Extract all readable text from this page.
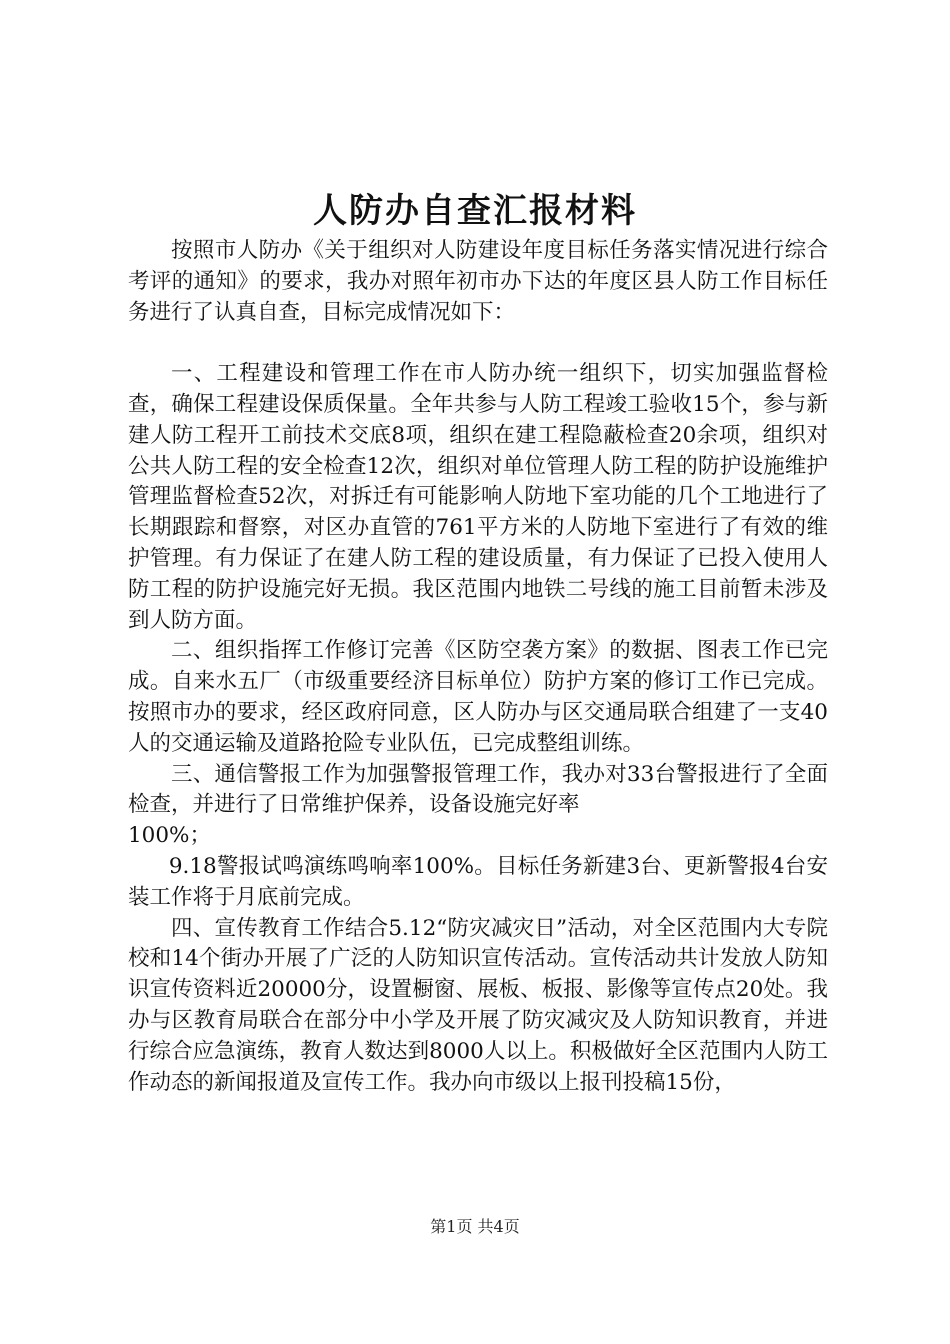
人防办自查汇报材料

按照市人防办《关于组织对人防建设年度目标任务落实情况进行综合考评的通知》的要求，我办对照年初市办下达的年度区县人防工作目标任务进行了认真自查，目标完成情况如下：

一、工程建设和管理工作在市人防办统一组织下，切实加强监督检查，确保工程建设保质保量。全年共参与人防工程竣工验收15个，参与新建人防工程开工前技术交底8项，组织在建工程隐蔽检查20余项，组织对公共人防工程的安全检查12次，组织对单位管理人防工程的防护设施维护管理监督检查52次，对拆迁有可能影响人防地下室功能的几个工地进行了长期跟踪和督察，对区办直管的761平方米的人防地下室进行了有效的维护管理。有力保证了在建人防工程的建设质量，有力保证了已投入使用人防工程的防护设施完好无损。我区范围内地铁二号线的施工目前暂未涉及到人防方面。

二、组织指挥工作修订完善《区防空袭方案》的数据、图表工作已完成。自来水五厂（市级重要经济目标单位）防护方案的修订工作已完成。按照市办的要求，经区政府同意，区人防办与区交通局联合组建了一支40人的交通运输及道路抢险专业队伍，已完成整组训练。

三、通信警报工作为加强警报管理工作，我办对33台警报进行了全面检查，并进行了日常维护保养，设备设施完好率

100%；

9.18警报试鸣演练鸣响率100%。目标任务新建3台、更新警报4台安装工作将于月底前完成。

四、宣传教育工作结合5.12“防灾减灾日”活动，对全区范围内大专院校和14个街办开展了广泛的人防知识宣传活动。宣传活动共计发放人防知识宣传资料近20000分，设置橱窗、展板、板报、影像等宣传点20处。我办与区教育局联合在部分中小学及开展了防灾减灾及人防知识教育，并进行综合应急演练，教育人数达到8000人以上。积极做好全区范围内人防工作动态的新闻报道及宣传工作。我办向市级以上报刊投稿15份，

第1页 共4页
